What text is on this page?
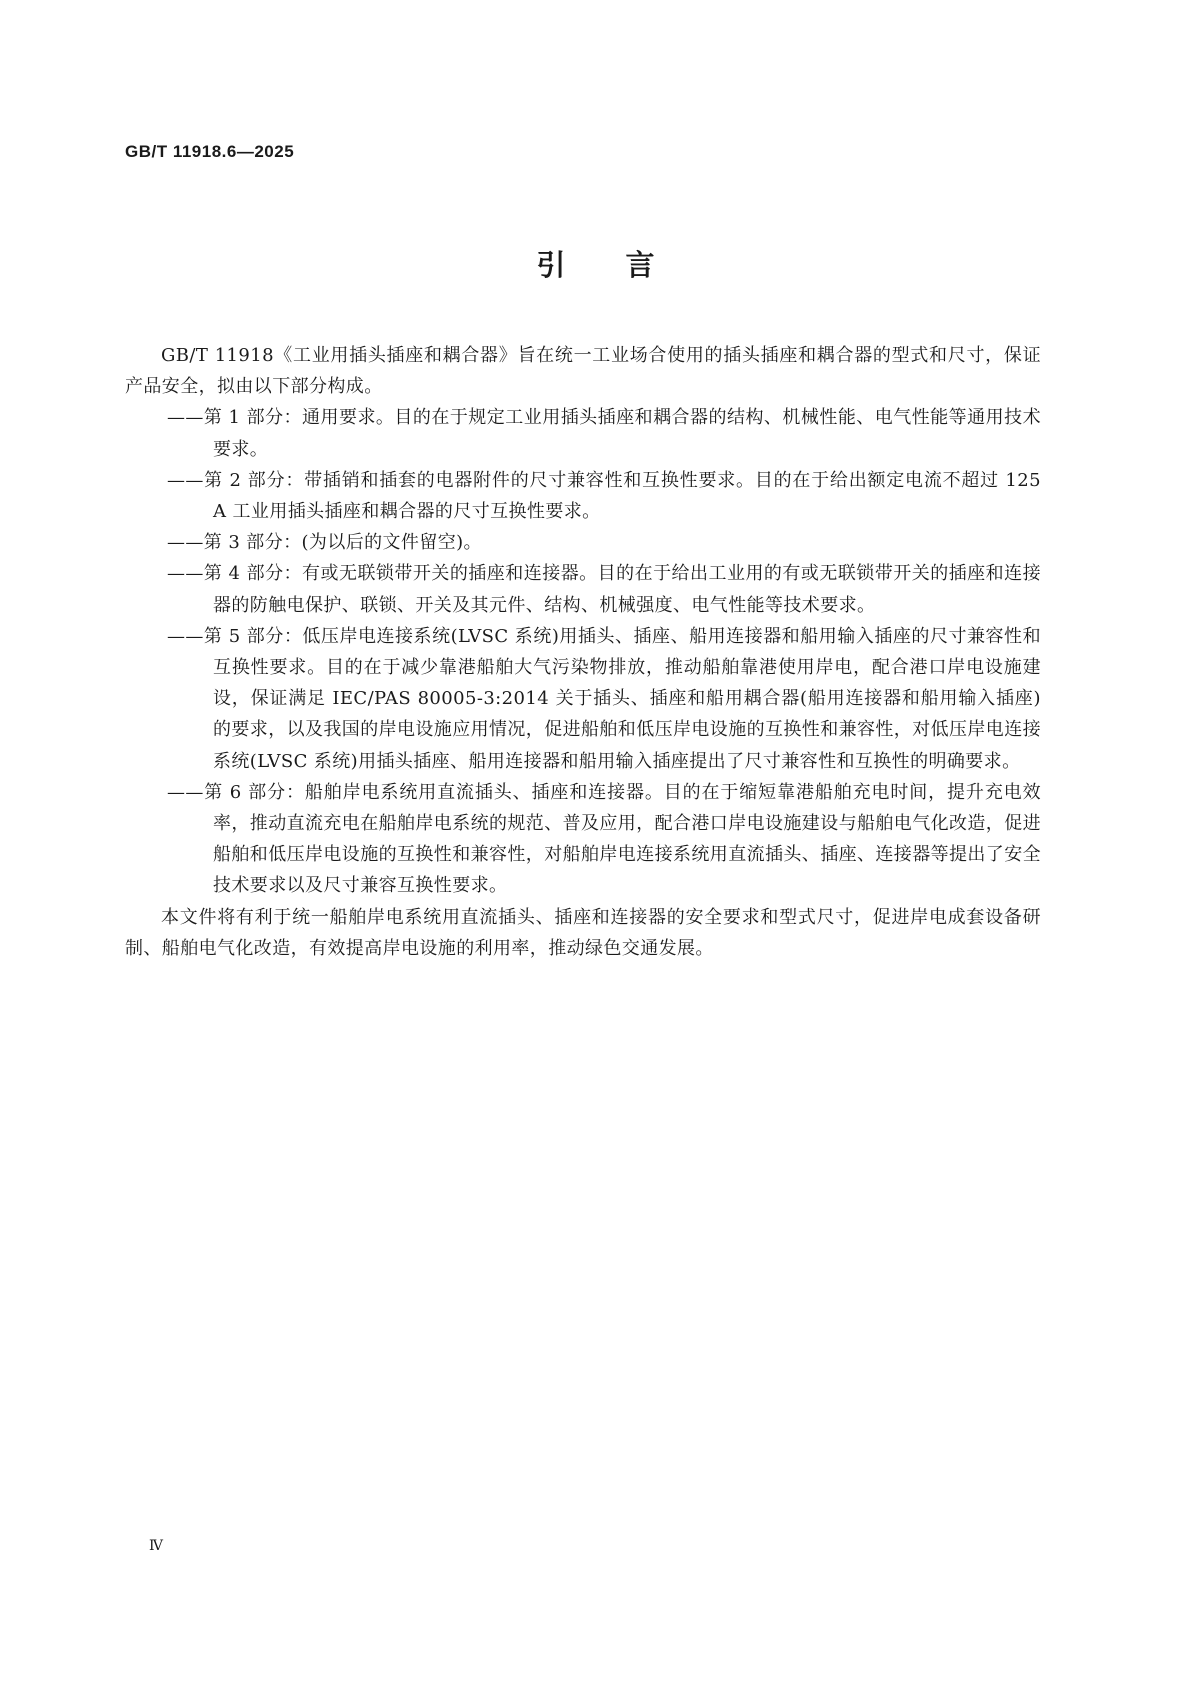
GB/T 11918.6—2025
引言

GB/T 11918《工业用插头插座和耦合器》旨在统一工业场合使用的插头插座和耦合器的型式和尺寸，保证产品安全，拟由以下部分构成。

——第 1 部分：通用要求。目的在于规定工业用插头插座和耦合器的结构、机械性能、电气性能等通用技术要求。

——第 2 部分：带插销和插套的电器附件的尺寸兼容性和互换性要求。目的在于给出额定电流不超过 125 A 工业用插头插座和耦合器的尺寸互换性要求。

——第 3 部分：(为以后的文件留空)。

——第 4 部分：有或无联锁带开关的插座和连接器。目的在于给出工业用的有或无联锁带开关的插座和连接器的防触电保护、联锁、开关及其元件、结构、机械强度、电气性能等技术要求。

——第 5 部分：低压岸电连接系统(LVSC 系统)用插头、插座、船用连接器和船用输入插座的尺寸兼容性和互换性要求。目的在于减少靠港船舶大气污染物排放，推动船舶靠港使用岸电，配合港口岸电设施建设，保证满足 IEC/PAS 80005-3:2014 关于插头、插座和船用耦合器(船用连接器和船用输入插座)的要求，以及我国的岸电设施应用情况，促进船舶和低压岸电设施的互换性和兼容性，对低压岸电连接系统(LVSC 系统)用插头插座、船用连接器和船用输入插座提出了尺寸兼容性和互换性的明确要求。

——第 6 部分：船舶岸电系统用直流插头、插座和连接器。目的在于缩短靠港船舶充电时间，提升充电效率，推动直流充电在船舶岸电系统的规范、普及应用，配合港口岸电设施建设与船舶电气化改造，促进船舶和低压岸电设施的互换性和兼容性，对船舶岸电连接系统用直流插头、插座、连接器等提出了安全技术要求以及尺寸兼容互换性要求。

本文件将有利于统一船舶岸电系统用直流插头、插座和连接器的安全要求和型式尺寸，促进岸电成套设备研制、船舶电气化改造，有效提高岸电设施的利用率，推动绿色交通发展。

Ⅳ
